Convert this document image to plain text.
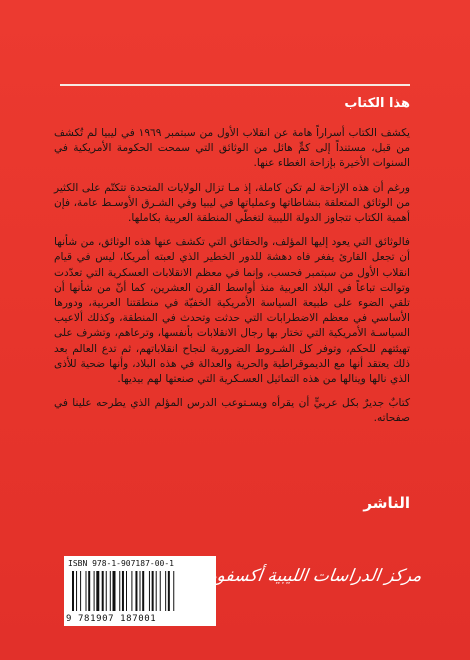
هذا الكتاب

يكشف الكتاب أسراراً هامة عن انقلاب الأول من سبتمبر ١٩٦٩ في ليبيا لم تُكشف من قبل، مستنداً إلى كمٍّ هائل من الوثائق التي سمحت الحكومة الأمريكية في السنوات الأخيرة بإزاحة الغطاء عنها.

ورغم أن هذه الإزاحة لم تكن كاملة، إذ مـا تزال الولايات المتحدة تتكتّم على الكثير من الوثائق المتعلقة بنشاطاتها وعملياتها في ليبيا وفي الشـرق الأوسـط عامة، فإن أهمية الكتاب تتجاوز الدولة الليبية لتغطّي المنطقة العربية بكاملها.

فالوثائق التي يعود إليها المؤلف، والحقائق التي تكشف عنها هذه الوثائق، من شأنها أن تجعل القارئ يفغر فاه دهشة للدور الخطير الذي لعبته أمريكا، ليس في قيام انقلاب الأول من سبتمبر فحسب، وإنما في معظم الانقلابات العسكرية التي تعدّدت وتوالت تباعاً في البلاد العربية منذ أواسط القرن العشرين، كما أنّ من شأنها أن تلقي الضوء على طبيعة السياسة الأمريكية الخفيّة في منطقتنا العربية، ودورها الأساسي في معظم الاضطرابات التي حدثت وتحدث في المنطقة، وكذلك ألاعيب السياسـة الأمريكية التي تختار بها رجال الانقلابات بأنفسها، وترعاهم، وتشرف على تهيئتهم للحكم، وتوفر كل الشـروط الضرورية لنجاح انقلاباتهم، ثم تدع العالم بعد ذلك يعتقد أنها مع الديموقراطية والحرية والعدالة في هذه البلاد، وأنها ضحية للأذى الذي نالها وينالها من هذه التماثيل العسـكرية التي صنعتها لهم بيديها.

كتابٌ جديرٌ بكل عربيٍّ أن يقرأه ويسـتوعب الدرس المؤلم الذي يطرحه علينا في صفحاته.

الناشر
ISBN 978-1-907187-00-1
9 781907 187001
مركز الدراسات الليبية أكسفورد
